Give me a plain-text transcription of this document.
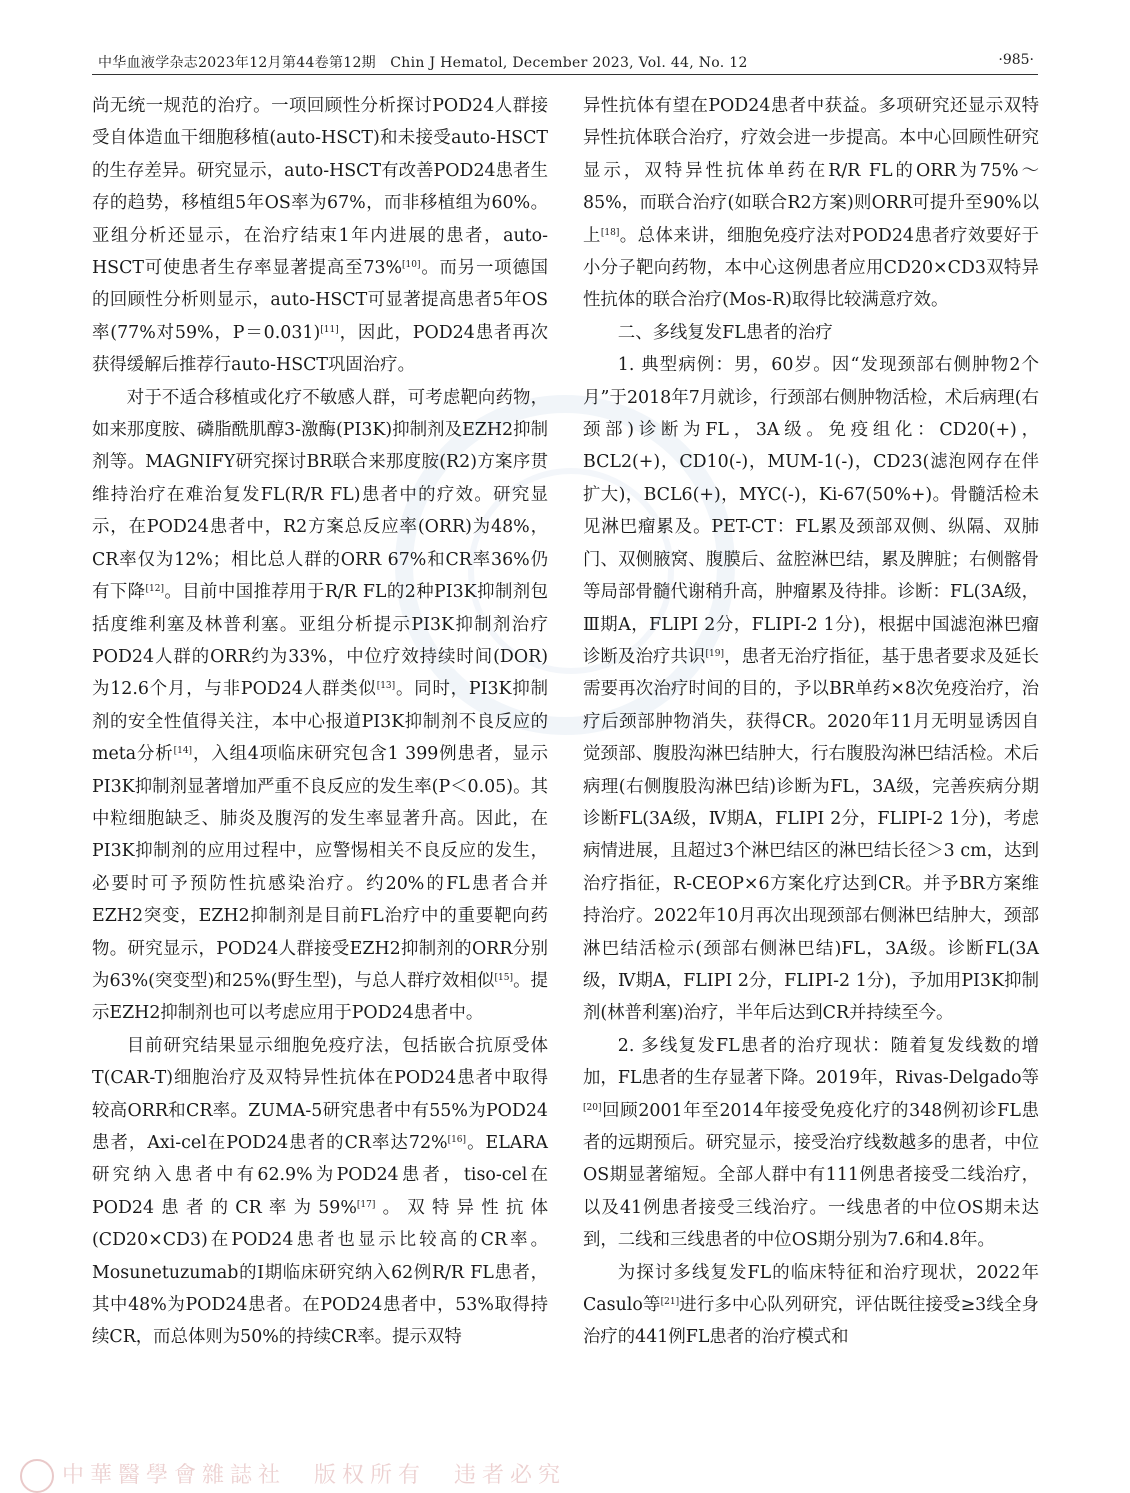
中华血液学杂志2023年12月第44卷第12期　Chin J Hematol, December 2023, Vol. 44, No. 12	·985·

尚无统一规范的治疗。一项回顾性分析探讨POD24人群接受自体造血干细胞移植(auto-HSCT)和未接受auto-HSCT的生存差异。研究显示，auto-HSCT有改善POD24患者生存的趋势，移植组5年OS率为67%，而非移植组为60%。亚组分析还显示，在治疗结束1年内进展的患者，auto-HSCT可使患者生存率显著提高至73%[10]。而另一项德国的回顾性分析则显示，auto-HSCT可显著提高患者5年OS率(77%对59%，P＝0.031)[11]，因此，POD24患者再次获得缓解后推荐行auto-HSCT巩固治疗。

对于不适合移植或化疗不敏感人群，可考虑靶向药物，如来那度胺、磷脂酰肌醇3-激酶(PI3K)抑制剂及EZH2抑制剂等。MAGNIFY研究探讨BR联合来那度胺(R2)方案序贯维持治疗在难治复发FL(R/R FL)患者中的疗效。研究显示，在POD24患者中，R2方案总反应率(ORR)为48%，CR率仅为12%；相比总人群的ORR 67%和CR率36%仍有下降[12]。目前中国推荐用于R/R FL的2种PI3K抑制剂包括度维利塞及林普利塞。亚组分析提示PI3K抑制剂治疗POD24人群的ORR约为33%，中位疗效持续时间(DOR)为12.6个月，与非POD24人群类似[13]。同时，PI3K抑制剂的安全性值得关注，本中心报道PI3K抑制剂不良反应的meta分析[14]，入组4项临床研究包含1 399例患者，显示PI3K抑制剂显著增加严重不良反应的发生率(P＜0.05)。其中粒细胞缺乏、肺炎及腹泻的发生率显著升高。因此，在PI3K抑制剂的应用过程中，应警惕相关不良反应的发生，必要时可予预防性抗感染治疗。约20%的FL患者合并EZH2突变，EZH2抑制剂是目前FL治疗中的重要靶向药物。研究显示，POD24人群接受EZH2抑制剂的ORR分别为63%(突变型)和25%(野生型)，与总人群疗效相似[15]。提示EZH2抑制剂也可以考虑应用于POD24患者中。

目前研究结果显示细胞免疫疗法，包括嵌合抗原受体T(CAR-T)细胞治疗及双特异性抗体在POD24患者中取得较高ORR和CR率。ZUMA-5研究患者中有55%为POD24患者，Axi-cel在POD24患者的CR率达72%[16]。ELARA研究纳入患者中有62.9%为POD24患者，tiso-cel在POD24患者的CR率为59%[17]。双特异性抗体(CD20×CD3)在POD24患者也显示比较高的CR率。Mosunetuzumab的Ⅰ期临床研究纳入62例R/R FL患者，其中48%为POD24患者。在POD24患者中，53%取得持续CR，而总体则为50%的持续CR率。提示双特

异性抗体有望在POD24患者中获益。多项研究还显示双特异性抗体联合治疗，疗效会进一步提高。本中心回顾性研究显示，双特异性抗体单药在R/R FL的ORR为75%～85%，而联合治疗(如联合R2方案)则ORR可提升至90%以上[18]。总体来讲，细胞免疫疗法对POD24患者疗效要好于小分子靶向药物，本中心这例患者应用CD20×CD3双特异性抗体的联合治疗(Mos-R)取得比较满意疗效。

二、多线复发FL患者的治疗

1. 典型病例：男，60岁。因“发现颈部右侧肿物2个月”于2018年7月就诊，行颈部右侧肿物活检，术后病理(右颈部)诊断为FL，3A级。免疫组化：CD20(+)，BCL2(+)，CD10(-)，MUM-1(-)，CD23(滤泡网存在伴扩大)，BCL6(+)，MYC(-)，Ki-67(50%+)。骨髓活检未见淋巴瘤累及。PET-CT：FL累及颈部双侧、纵隔、双肺门、双侧腋窝、腹膜后、盆腔淋巴结，累及脾脏；右侧髂骨等局部骨髓代谢稍升高，肿瘤累及待排。诊断：FL(3A级，Ⅲ期A，FLIPI 2分，FLIPI-2 1分)，根据中国滤泡淋巴瘤诊断及治疗共识[19]，患者无治疗指征，基于患者要求及延长需要再次治疗时间的目的，予以BR单药×8次免疫治疗，治疗后颈部肿物消失，获得CR。2020年11月无明显诱因自觉颈部、腹股沟淋巴结肿大，行右腹股沟淋巴结活检。术后病理(右侧腹股沟淋巴结)诊断为FL，3A级，完善疾病分期诊断FL(3A级，Ⅳ期A，FLIPI 2分，FLIPI-2 1分)，考虑病情进展，且超过3个淋巴结区的淋巴结长径＞3 cm，达到治疗指征，R-CEOP×6方案化疗达到CR。并予BR方案维持治疗。2022年10月再次出现颈部右侧淋巴结肿大，颈部淋巴结活检示(颈部右侧淋巴结)FL，3A级。诊断FL(3A级，Ⅳ期A，FLIPI 2分，FLIPI-2 1分)，予加用PI3K抑制剂(林普利塞)治疗，半年后达到CR并持续至今。

2. 多线复发FL患者的治疗现状：随着复发线数的增加，FL患者的生存显著下降。2019年，Rivas-Delgado等[20]回顾2001年至2014年接受免疫化疗的348例初诊FL患者的远期预后。研究显示，接受治疗线数越多的患者，中位OS期显著缩短。全部人群中有111例患者接受二线治疗，以及41例患者接受三线治疗。一线患者的中位OS期未达到，二线和三线患者的中位OS期分别为7.6和4.8年。

为探讨多线复发FL的临床特征和治疗现状，2022年Casulo等[21]进行多中心队列研究，评估既往接受≥3线全身治疗的441例FL患者的治疗模式和

中華醫學會雜誌社　版权所有　违者必究
